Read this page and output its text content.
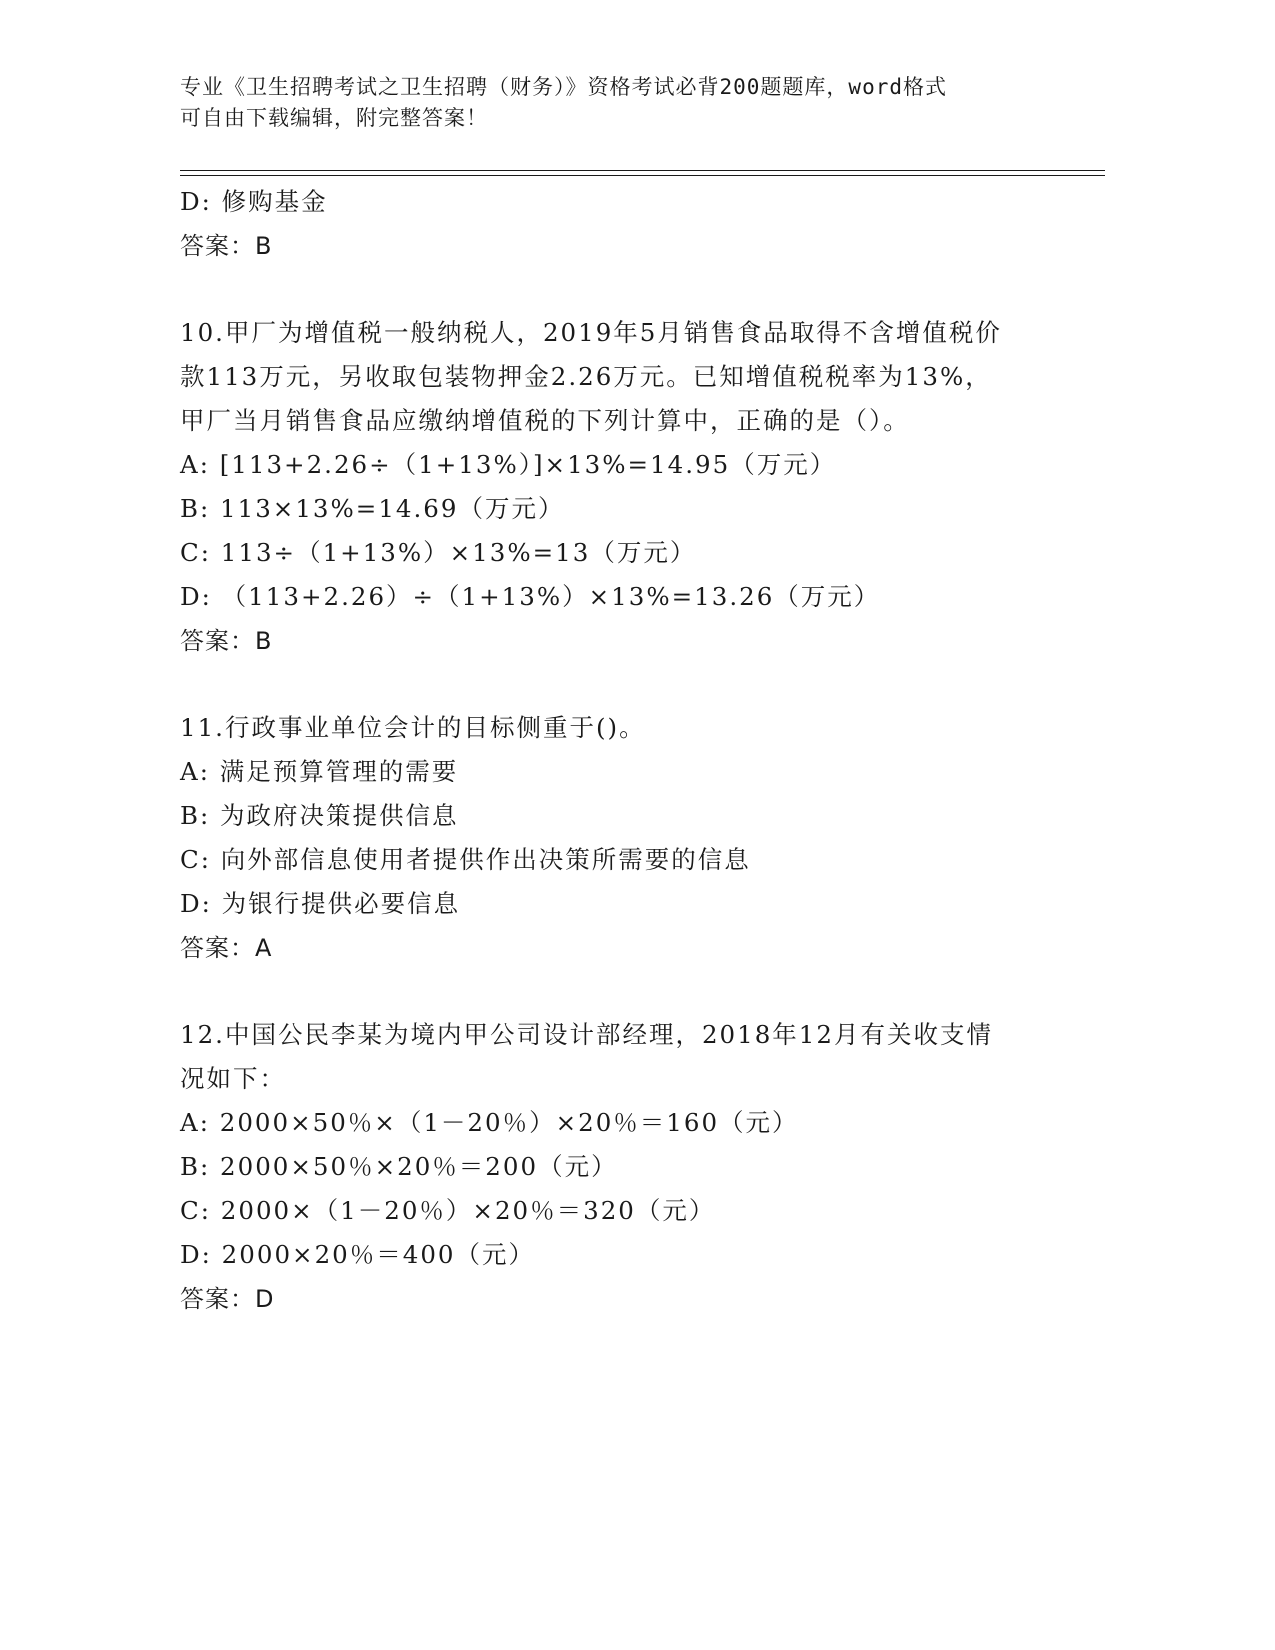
专业《卫生招聘考试之卫生招聘（财务）》资格考试必背200题题库，word格式
可自由下载编辑，附完整答案！
D: 修购基金
答案：B
10.甲厂为增值税一般纳税人，2019年5月销售食品取得不含增值税价
款113万元，另收取包装物押金2.26万元。已知增值税税率为13%，
甲厂当月销售食品应缴纳增值税的下列计算中，正确的是（）。
A: [113+2.26÷（1+13%）]×13%=14.95（万元）
B: 113×13%=14.69（万元）
C: 113÷（1+13%）×13%=13（万元）
D: （113+2.26）÷（1+13%）×13%=13.26（万元）
答案：B
11.行政事业单位会计的目标侧重于()。
A: 满足预算管理的需要
B: 为政府决策提供信息
C: 向外部信息使用者提供作出决策所需要的信息
D: 为银行提供必要信息
答案：A
12.中国公民李某为境内甲公司设计部经理，2018年12月有关收支情
况如下：
A: 2000×50％×（1－20％）×20％＝160（元）
B: 2000×50％×20％＝200（元）
C: 2000×（1－20％）×20％＝320（元）
D: 2000×20％＝400（元）
答案：D
